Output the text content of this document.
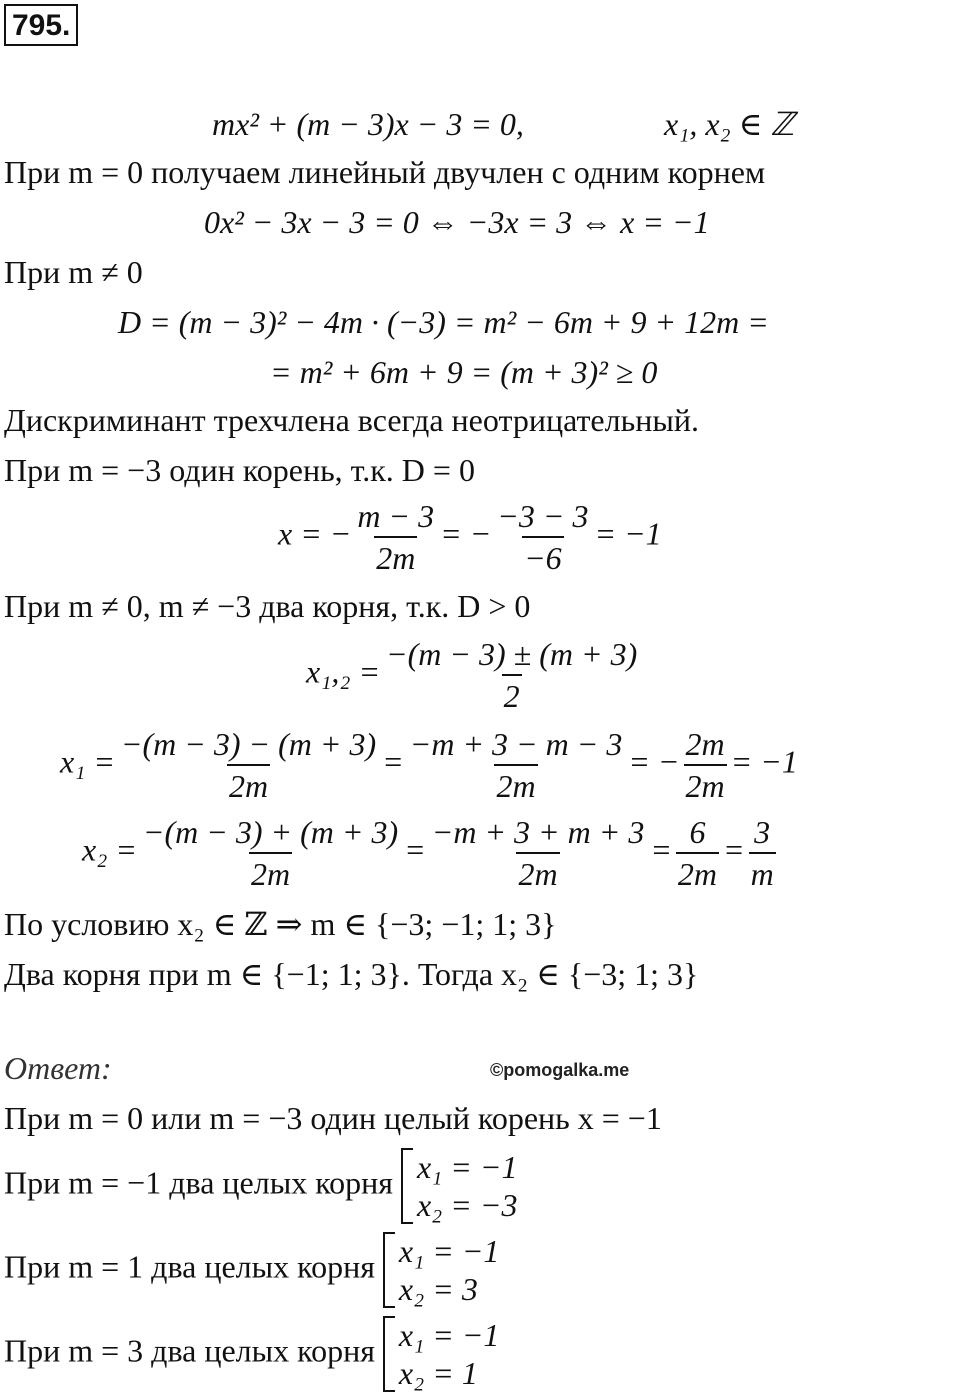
795.
mx² + (m − 3)x − 3 = 0,	x₁, x₂ ∈ ℤ
При m = 0 получаем линейный двучлен с одним корнем
0x² − 3x − 3 = 0 ⇔ −3x = 3 ⇔ x = −1
При m ≠ 0
D = (m − 3)² − 4m · (−3) = m² − 6m + 9 + 12m =
= m² + 6m + 9 = (m + 3)² ≥ 0
Дискриминант трехчлена всегда неотрицательный.
При m = −3 один корень, т.к. D = 0
x = − $\frac{m - 3}{2m}$ = − $\frac{-3 - 3}{-6} = -1$
При m ≠ 0, m ≠ −3 два корня, т.к. D > 0
$x_1,_2 = \frac{-(m - 3) \pm (m + 3)}{2}$
$x_1 = \frac{-(m - 3) - (m + 3)}{2m} = \frac{-m + 3 - m - 3}{2m}$ = − $\frac{2m}{2m} = -1$
$x_2 = \frac{-(m - 3) + (m + 3)}{2m} = \frac{-m + 3 + m + 3}{2m} = \frac{6}{2m} = \frac{3}{m}$
По условию x₂ ∈ ℤ ⇒ m ∈ {−3; −1; 1; 3}
Два корня при m ∈ {−1; 1; 3}. Тогда x₂ ∈ {−3; 1; 3}
Ответ:	©pomogalka.me
При m = 0 или m = −3 один целый корень x = −1
При m = −1 два целых корня x₁ = −1
x₂ = −3
При m = 1 два целых корня x₁ = −1
x₂ = 3
При m = 3 два целых корня x₁ = −1
x₂ = 1
